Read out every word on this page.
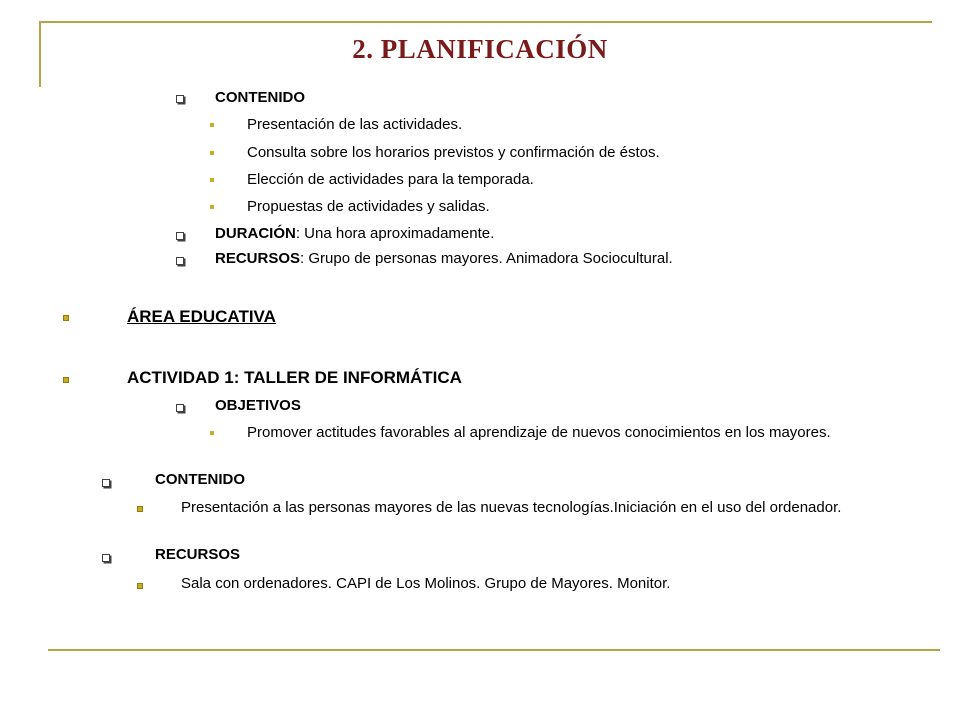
2. PLANIFICACIÓN
CONTENIDO
Presentación de las actividades.
Consulta sobre los horarios previstos y confirmación de éstos.
Elección de actividades para la temporada.
Propuestas de actividades y salidas.
DURACIÓN: Una hora aproximadamente.
RECURSOS: Grupo de personas mayores. Animadora Sociocultural.
ÁREA EDUCATIVA
ACTIVIDAD 1: TALLER DE INFORMÁTICA
OBJETIVOS
Promover actitudes favorables al aprendizaje de nuevos conocimientos en los mayores.
CONTENIDO
Presentación a las personas mayores de las nuevas tecnologías.Iniciación en el uso del ordenador.
RECURSOS
Sala con ordenadores. CAPI de Los Molinos. Grupo de Mayores. Monitor.
